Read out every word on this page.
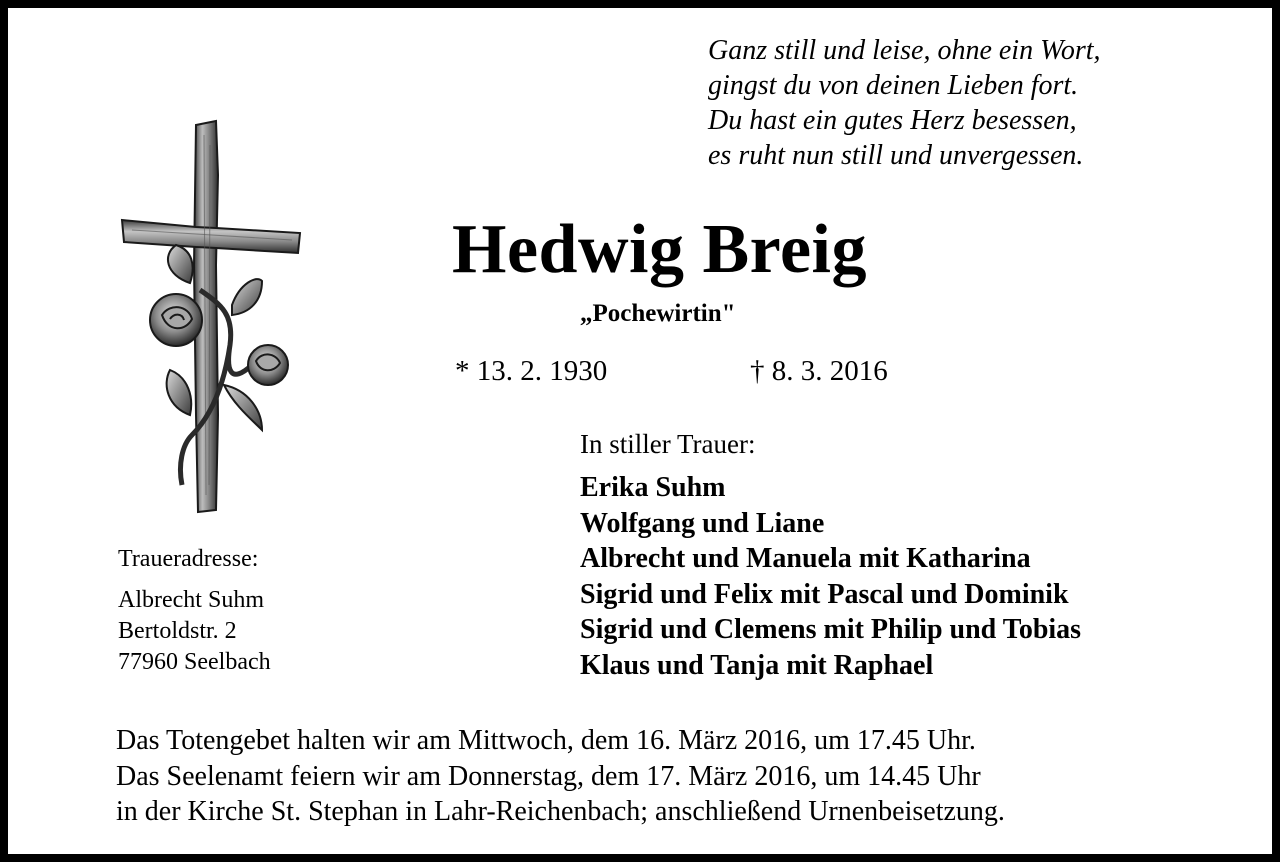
Ganz still und leise, ohne ein Wort,
gingst du von deinen Lieben fort.
Du hast ein gutes Herz besessen,
es ruht nun still und unvergessen.
Hedwig Breig
„Pochewirtin"
* 13. 2. 1930	† 8. 3. 2016
In stiller Trauer:
Erika Suhm
Wolfgang und Liane
Albrecht und Manuela mit Katharina
Sigrid und Felix mit Pascal und Dominik
Sigrid und Clemens mit Philip und Tobias
Klaus und Tanja mit Raphael
Traueradresse:
Albrecht Suhm
Bertoldstr. 2
77960 Seelbach
Das Totengebet halten wir am Mittwoch, dem 16. März 2016, um 17.45 Uhr.
Das Seelenamt feiern wir am Donnerstag, dem 17. März 2016, um 14.45 Uhr
in der Kirche St. Stephan in Lahr-Reichenbach; anschließend Urnenbeisetzung.
